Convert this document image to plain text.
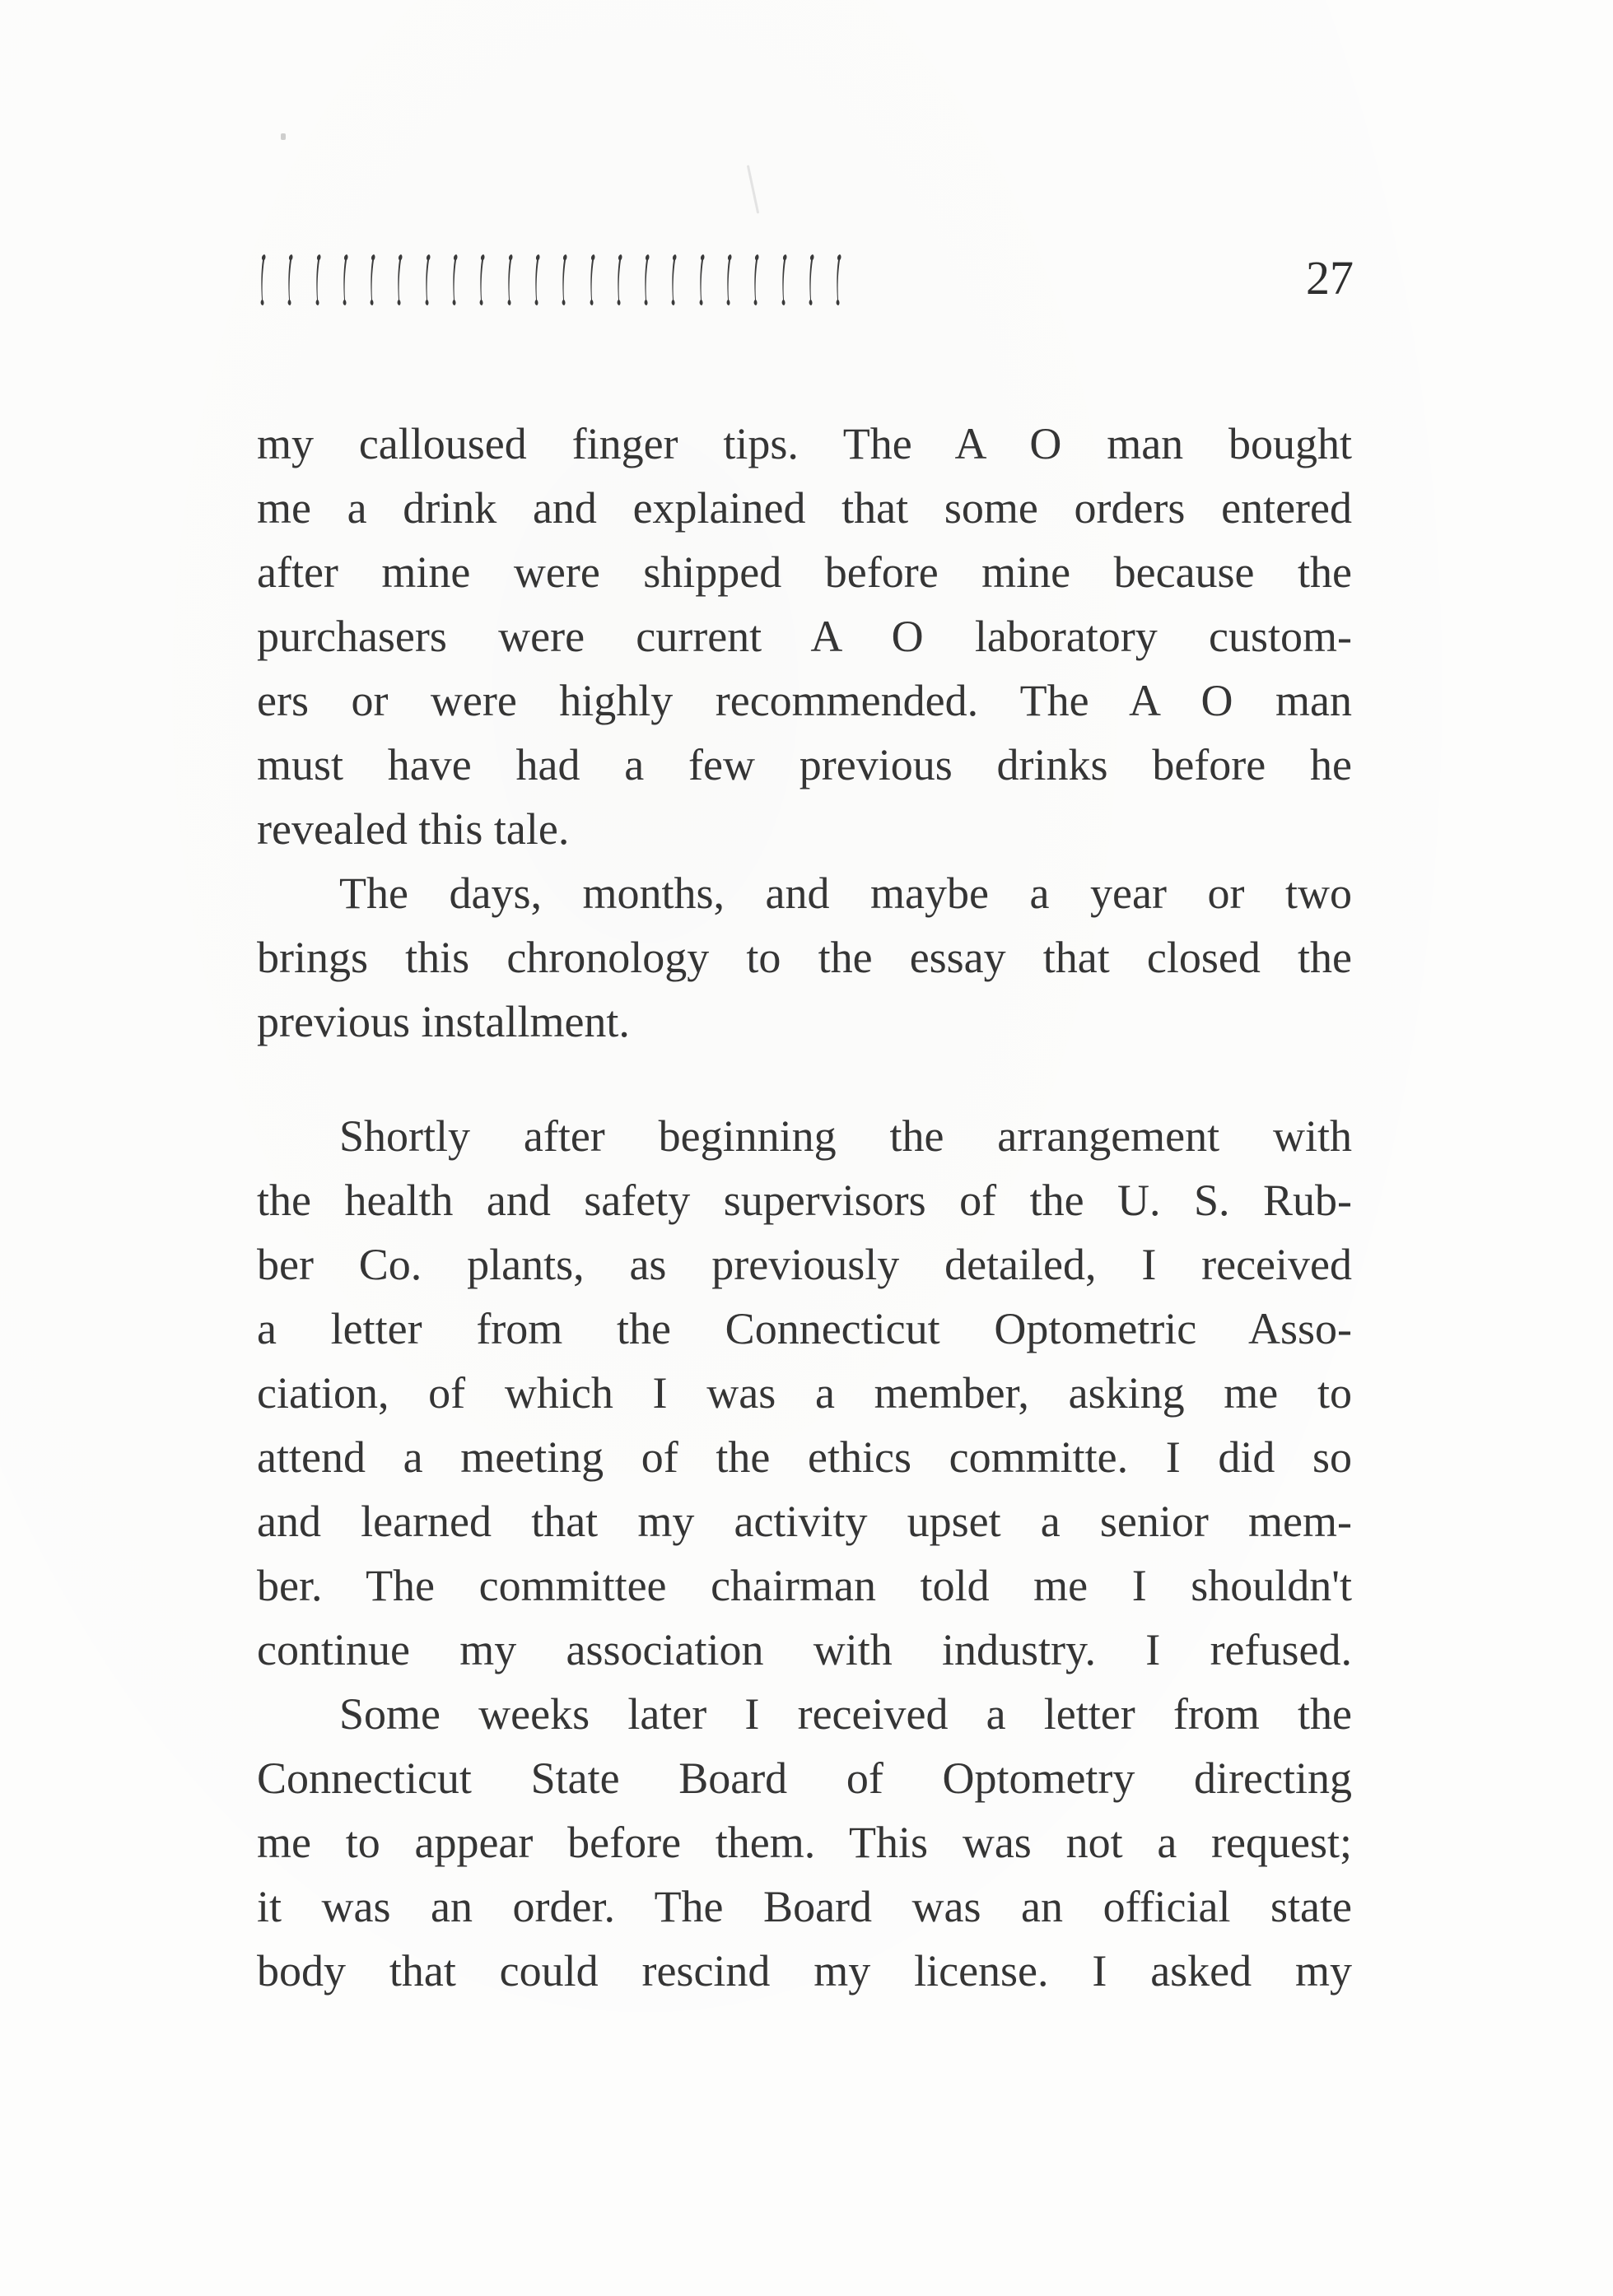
27
my calloused finger tips. The A O man bought
me a drink and explained that some orders entered
after mine were shipped before mine because the
purchasers were current A O laboratory custom-
ers or were highly recommended. The A O man
must have had a few previous drinks before he
revealed this tale.
The days, months, and maybe a year or two
brings this chronology to the essay that closed the
previous installment.
Shortly after beginning the arrangement with
the health and safety supervisors of the U. S. Rub-
ber Co. plants, as previously detailed, I received
a letter from the Connecticut Optometric Asso-
ciation, of which I was a member, asking me to
attend a meeting of the ethics committe. I did so
and learned that my activity upset a senior mem-
ber. The committee chairman told me I shouldn't
continue my association with industry. I refused.
Some weeks later I received a letter from the
Connecticut State Board of Optometry directing
me to appear before them. This was not a request;
it was an order. The Board was an official state
body that could rescind my license. I asked my
